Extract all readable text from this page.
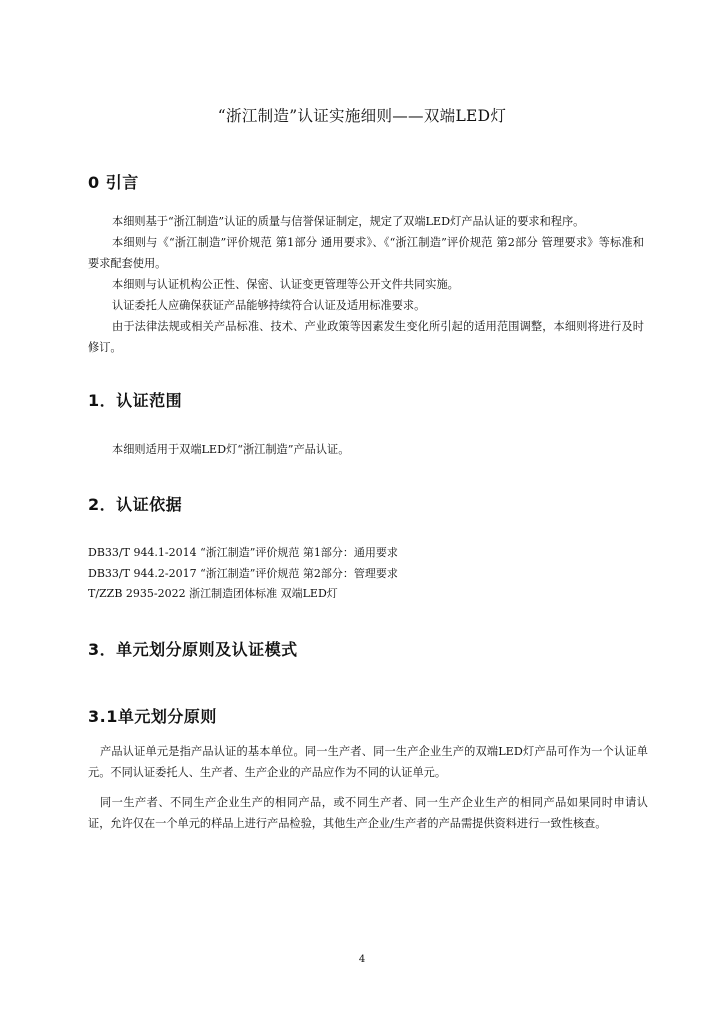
“浙江制造”认证实施细则——双端LED灯
0 引言
本细则基于“浙江制造”认证的质量与信誉保证制定，规定了双端LED灯产品认证的要求和程序。
本细则与《“浙江制造”评价规范 第1部分 通用要求》、《“浙江制造”评价规范 第2部分 管理要求》等标准和要求配套使用。
本细则与认证机构公正性、保密、认证变更管理等公开文件共同实施。
认证委托人应确保获证产品能够持续符合认证及适用标准要求。
由于法律法规或相关产品标准、技术、产业政策等因素发生变化所引起的适用范围调整，本细则将进行及时修订。
1．认证范围
本细则适用于双端LED灯“浙江制造”产品认证。
2．认证依据
DB33/T 944.1-2014 “浙江制造”评价规范 第1部分：通用要求
DB33/T 944.2-2017 “浙江制造”评价规范 第2部分：管理要求
T/ZZB 2935-2022 浙江制造团体标准 双端LED灯
3．单元划分原则及认证模式
3.1单元划分原则
产品认证单元是指产品认证的基本单位。同一生产者、同一生产企业生产的双端LED灯产品可作为一个认证单元。不同认证委托人、生产者、生产企业的产品应作为不同的认证单元。
同一生产者、不同生产企业生产的相同产品，或不同生产者、同一生产企业生产的相同产品如果同时申请认证，允许仅在一个单元的样品上进行产品检验，其他生产企业/生产者的产品需提供资料进行一致性核查。
4
